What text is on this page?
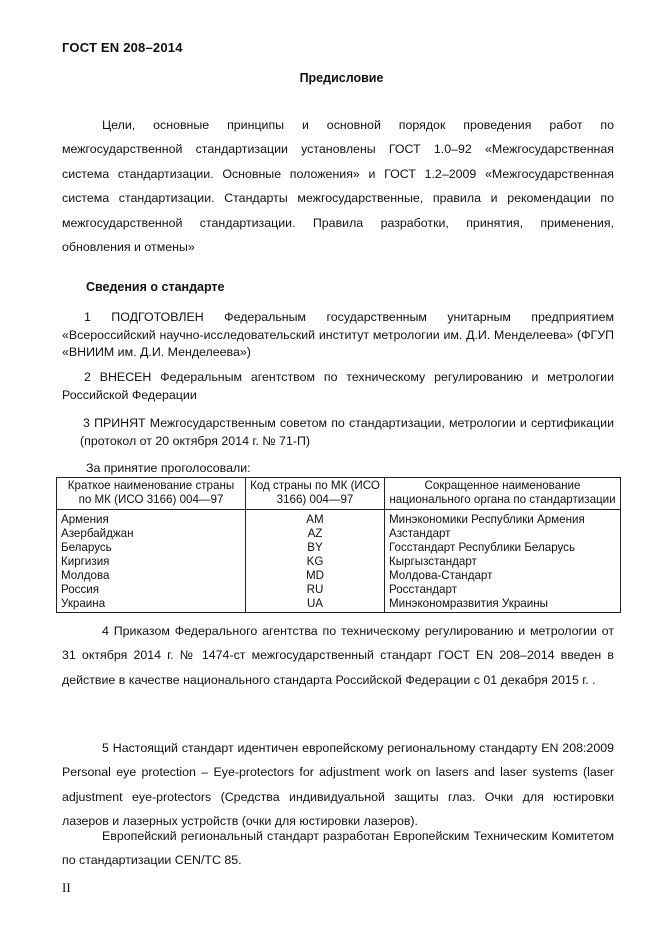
ГОСТ EN 208–2014
Предисловие

Цели, основные принципы и основной порядок проведения работ по межгосударственной стандартизации установлены ГОСТ 1.0–92 «Межгосударственная система стандартизации. Основные положения» и ГОСТ 1.2–2009 «Межгосударственная система стандартизации. Стандарты межгосударственные, правила и рекомендации по межгосударственной стандартизации. Правила разработки, принятия, применения, обновления и отмены»

Сведения о стандарте

1 ПОДГОТОВЛЕН Федеральным государственным унитарным предприятием «Всероссийский научно-исследовательский институт метрологии им. Д.И. Менделеева» (ФГУП «ВНИИМ им. Д.И. Менделеева»)

2 ВНЕСЕН Федеральным агентством по техническому регулированию и метрологии Российской Федерации

3 ПРИНЯТ Межгосударственным советом по стандартизации, метрологии и сертификации (протокол от 20 октября 2014 г. № 71-П)

За принятие проголосовали:
Краткое наименование страны по МК (ИСО 3166) 004—97	Код страны по МК (ИСО 3166) 004—97	Сокращенное наименование национального органа по стандартизации
Армения	AM	Минэкономики Республики Армения
Азербайджан	AZ	Азстандарт
Беларусь	BY	Госстандарт Республики Беларусь
Киргизия	KG	Кыргызстандарт
Молдова	MD	Молдова-Стандарт
Россия	RU	Росстандарт
Украина	UA	Минэкономразвития Украины

4 Приказом Федерального агентства по техническому регулированию и метрологии от 31 октября 2014 г. № 1474-ст межгосударственный стандарт ГОСТ EN 208–2014 введен в действие в качестве национального стандарта Российской Федерации с 01 декабря 2015 г. .

5 Настоящий стандарт идентичен европейскому региональному стандарту EN 208:2009 Personal eye protection – Eye-protectors for adjustment work on lasers and laser systems (laser adjustment eye-protectors (Средства индивидуальной защиты глаз. Очки для юстировки лазеров и лазерных устройств (очки для юстировки лазеров).

Европейский региональный стандарт разработан Европейским Техническим Комитетом по стандартизации CEN/TC 85.

II
